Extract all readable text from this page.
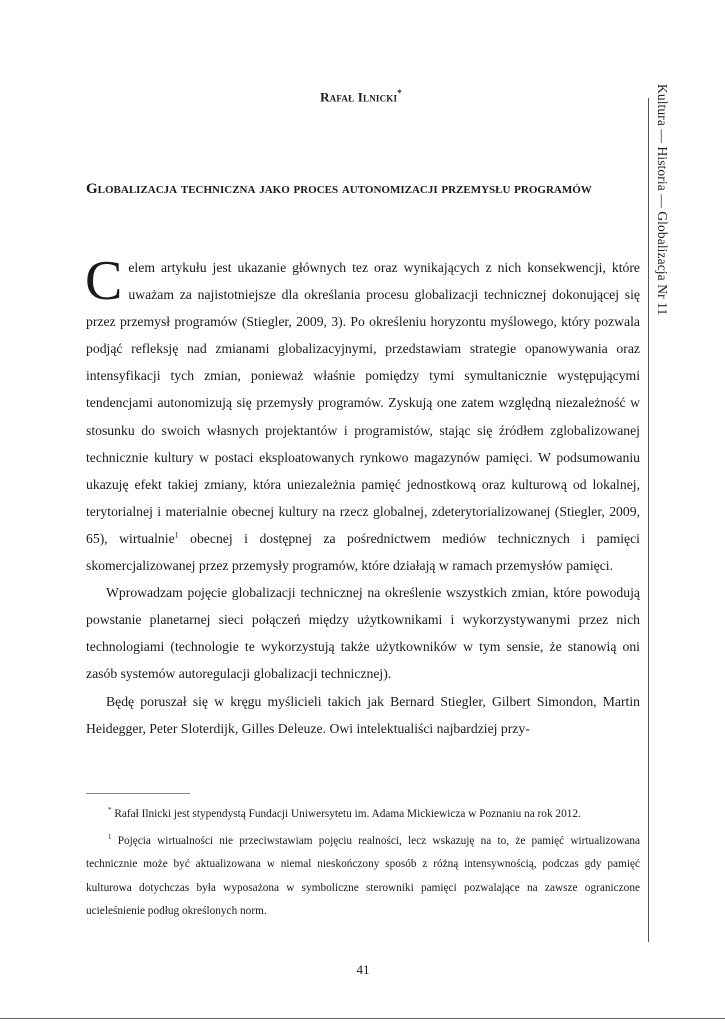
Rafał Ilnicki*
Globalizacja techniczna jako proces autonomizacji przemysłu programów

Celem artykułu jest ukazanie głównych tez oraz wynikających z nich konsekwencji, które uważam za najistotniejsze dla określania procesu globalizacji technicznej dokonującej się przez przemysł programów (Stiegler, 2009, 3). Po określeniu horyzontu myślowego, który pozwala podjąć refleksję nad zmianami globalizacyjnymi, przedstawiam strategie opanowywania oraz intensyfikacji tych zmian, ponieważ właśnie pomiędzy tymi symultanicznie występującymi tendencjami autonomizują się przemysły programów. Zyskują one zatem względną niezależność w stosunku do swoich własnych projektantów i programistów, stając się źródłem zglobalizowanej technicznie kultury w postaci eksploatowanych rynkowo magazynów pamięci. W podsumowaniu ukazuję efekt takiej zmiany, która uniezależnia pamięć jednostkową oraz kulturową od lokalnej, terytorialnej i materialnie obecnej kultury na rzecz globalnej, zdeterytorializowanej (Stiegler, 2009, 65), wirtualnie$^1$ obecnej i dostępnej za pośrednictwem mediów technicznych i pamięci skomercjalizowanej przez przemysły programów, które działają w ramach przemysłów pamięci.

Wprowadzam pojęcie globalizacji technicznej na określenie wszystkich zmian, które powodują powstanie planetarnej sieci połączeń między użytkownikami i wykorzystywanymi przez nich technologiami (technologie te wykorzystują także użytkowników w tym sensie, że stanowią oni zasób systemów autoregulacji globalizacji technicznej).

Będę poruszał się w kręgu myślicieli takich jak Bernard Stiegler, Gilbert Simondon, Martin Heidegger, Peter Sloterdijk, Gilles Deleuze. Owi intelektualiści najbardziej przy-

* Rafał Ilnicki jest stypendystą Fundacji Uniwersytetu im. Adama Mickiewicza w Poznaniu na rok 2012.

$^1$ Pojęcia wirtualności nie przeciwstawiam pojęciu realności, lecz wskazuję na to, że pamięć wirtualizowana technicznie może być aktualizowana w niemal nieskończony sposób z różną intensywnością, podczas gdy pamięć kulturowa dotychczas była wyposażona w symboliczne sterowniki pamięci pozwalające na zawsze ograniczone ucieleśnienie podług określonych norm.

41
Kultura — Historia — Globalizacja Nr 11
